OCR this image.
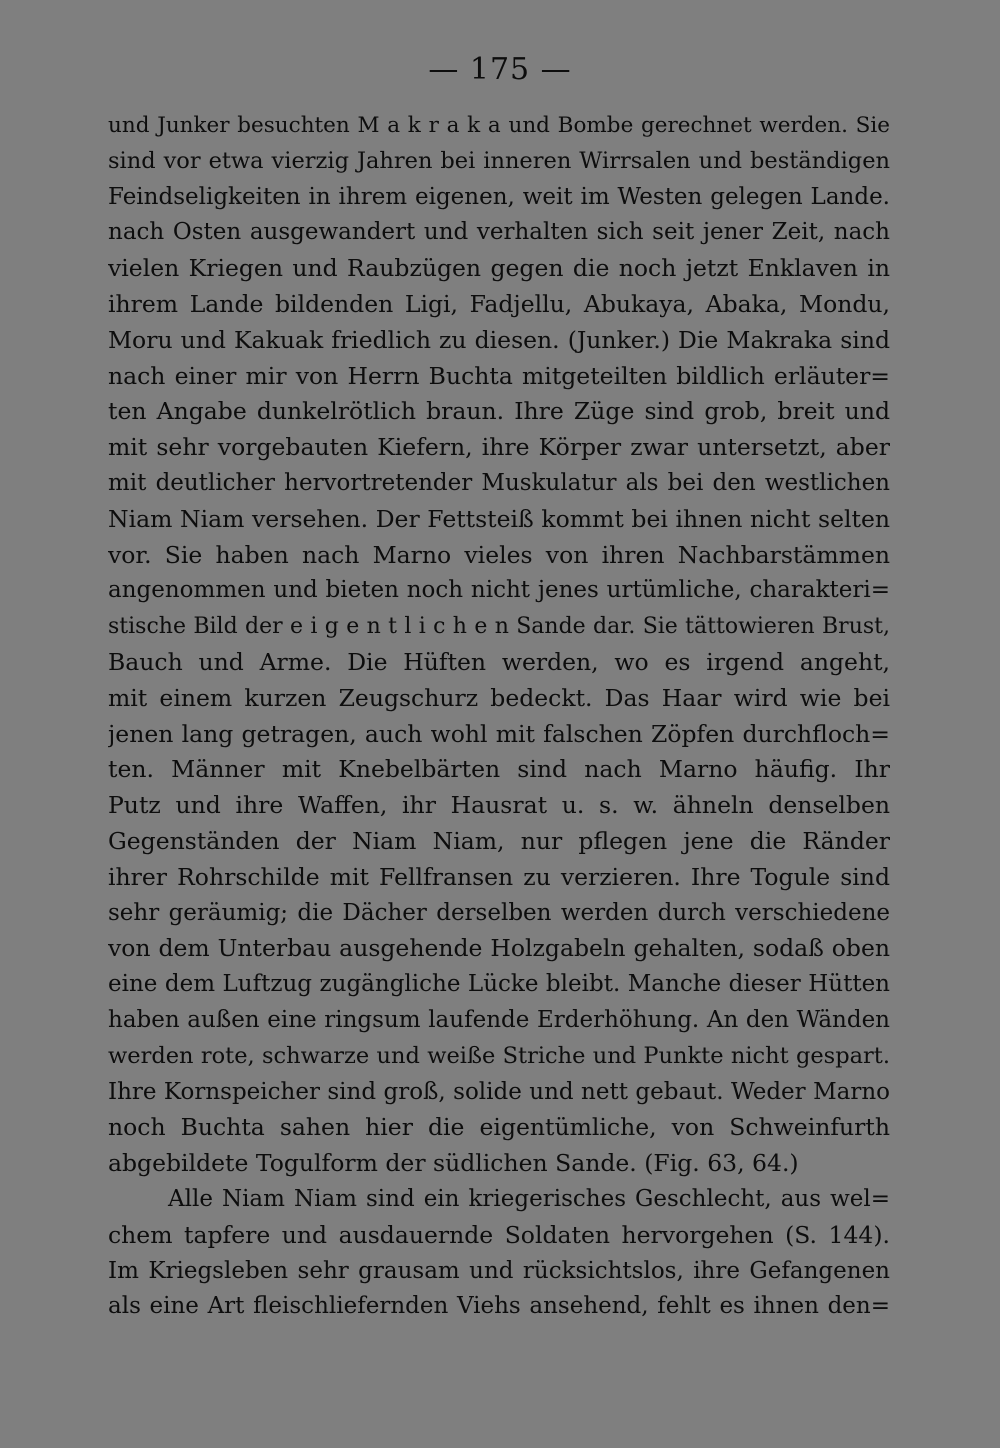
— 175 —
und Junker besuchten M a k r a k a und Bombe gerechnet werden. Sie
sind vor etwa vierzig Jahren bei inneren Wirrsalen und beständigen
Feindseligkeiten in ihrem eigenen, weit im Westen gelegen Lande.
nach Osten ausgewandert und verhalten sich seit jener Zeit, nach
vielen Kriegen und Raubzügen gegen die noch jetzt Enklaven in
ihrem Lande bildenden Ligi, Fadjellu, Abukaya, Abaka, Mondu,
Moru und Kakuak friedlich zu diesen. (Junker.) Die Makraka sind
nach einer mir von Herrn Buchta mitgeteilten bildlich erläuter=
ten Angabe dunkelrötlich braun. Ihre Züge sind grob, breit und
mit sehr vorgebauten Kiefern, ihre Körper zwar untersetzt, aber
mit deutlicher hervortretender Muskulatur als bei den westlichen
Niam Niam versehen. Der Fettsteiß kommt bei ihnen nicht selten
vor. Sie haben nach Marno vieles von ihren Nachbarstämmen
angenommen und bieten noch nicht jenes urtümliche, charakteri=
stische Bild der e i g e n t l i c h e n Sande dar. Sie tättowieren Brust,
Bauch und Arme. Die Hüften werden, wo es irgend angeht,
mit einem kurzen Zeugschurz bedeckt. Das Haar wird wie bei
jenen lang getragen, auch wohl mit falschen Zöpfen durchfloch=
ten. Männer mit Knebelbärten sind nach Marno häufig. Ihr
Putz und ihre Waffen, ihr Hausrat u. s. w. ähneln denselben
Gegenständen der Niam Niam, nur pflegen jene die Ränder
ihrer Rohrschilde mit Fellfransen zu verzieren. Ihre Togule sind
sehr geräumig; die Dächer derselben werden durch verschiedene
von dem Unterbau ausgehende Holzgabeln gehalten, sodaß oben
eine dem Luftzug zugängliche Lücke bleibt. Manche dieser Hütten
haben außen eine ringsum laufende Erderhöhung. An den Wänden
werden rote, schwarze und weiße Striche und Punkte nicht gespart.
Ihre Kornspeicher sind groß, solide und nett gebaut. Weder Marno
noch Buchta sahen hier die eigentümliche, von Schweinfurth
abgebildete Togulform der südlichen Sande. (Fig. 63, 64.)
Alle Niam Niam sind ein kriegerisches Geschlecht, aus wel=
chem tapfere und ausdauernde Soldaten hervorgehen (S. 144).
Im Kriegsleben sehr grausam und rücksichtslos, ihre Gefangenen
als eine Art fleischliefernden Viehs ansehend, fehlt es ihnen den=
